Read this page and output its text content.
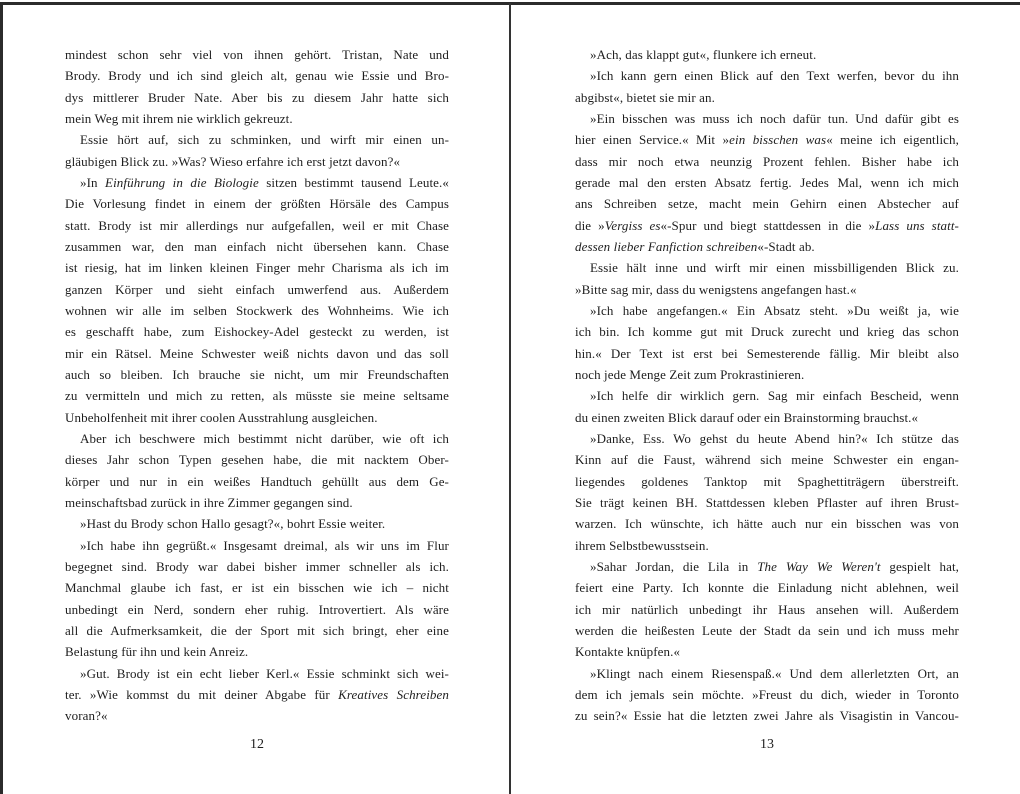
mindest schon sehr viel von ihnen gehört. Tristan, Nate und
Brody. Brody und ich sind gleich alt, genau wie Essie und Bro-
dys mittlerer Bruder Nate. Aber bis zu diesem Jahr hatte sich
mein Weg mit ihrem nie wirklich gekreuzt.
Essie hört auf, sich zu schminken, und wirft mir einen un-
gläubigen Blick zu. »Was? Wieso erfahre ich erst jetzt davon?«
»In Einführung in die Biologie sitzen bestimmt tausend Leute.«
Die Vorlesung findet in einem der größten Hörsäle des Campus
statt. Brody ist mir allerdings nur aufgefallen, weil er mit Chase
zusammen war, den man einfach nicht übersehen kann. Chase
ist riesig, hat im linken kleinen Finger mehr Charisma als ich im
ganzen Körper und sieht einfach umwerfend aus. Außerdem
wohnen wir alle im selben Stockwerk des Wohnheims. Wie ich
es geschafft habe, zum Eishockey-Adel gesteckt zu werden, ist
mir ein Rätsel. Meine Schwester weiß nichts davon und das soll
auch so bleiben. Ich brauche sie nicht, um mir Freundschaften
zu vermitteln und mich zu retten, als müsste sie meine seltsame
Unbeholfenheit mit ihrer coolen Ausstrahlung ausgleichen.
Aber ich beschwere mich bestimmt nicht darüber, wie oft ich
dieses Jahr schon Typen gesehen habe, die mit nacktem Ober-
körper und nur in ein weißes Handtuch gehüllt aus dem Ge-
meinschaftsbad zurück in ihre Zimmer gegangen sind.
»Hast du Brody schon Hallo gesagt?«, bohrt Essie weiter.
»Ich habe ihn gegrüßt.« Insgesamt dreimal, als wir uns im Flur
begegnet sind. Brody war dabei bisher immer schneller als ich.
Manchmal glaube ich fast, er ist ein bisschen wie ich – nicht
unbedingt ein Nerd, sondern eher ruhig. Introvertiert. Als wäre
all die Aufmerksamkeit, die der Sport mit sich bringt, eher eine
Belastung für ihn und kein Anreiz.
»Gut. Brody ist ein echt lieber Kerl.« Essie schminkt sich wei-
ter. »Wie kommst du mit deiner Abgabe für Kreatives Schreiben
voran?«
12
»Ach, das klappt gut«, flunkere ich erneut.
»Ich kann gern einen Blick auf den Text werfen, bevor du ihn
abgibst«, bietet sie mir an.
»Ein bisschen was muss ich noch dafür tun. Und dafür gibt es
hier einen Service.« Mit »ein bisschen was« meine ich eigentlich,
dass mir noch etwa neunzig Prozent fehlen. Bisher habe ich
gerade mal den ersten Absatz fertig. Jedes Mal, wenn ich mich
ans Schreiben setze, macht mein Gehirn einen Abstecher auf
die »Vergiss es«-Spur und biegt stattdessen in die »Lass uns statt-
dessen lieber Fanfiction schreiben«-Stadt ab.
Essie hält inne und wirft mir einen missbilligenden Blick zu.
»Bitte sag mir, dass du wenigstens angefangen hast.«
»Ich habe angefangen.« Ein Absatz steht. »Du weißt ja, wie
ich bin. Ich komme gut mit Druck zurecht und krieg das schon
hin.« Der Text ist erst bei Semesterende fällig. Mir bleibt also
noch jede Menge Zeit zum Prokrastinieren.
»Ich helfe dir wirklich gern. Sag mir einfach Bescheid, wenn
du einen zweiten Blick darauf oder ein Brainstorming brauchst.«
»Danke, Ess. Wo gehst du heute Abend hin?« Ich stütze das
Kinn auf die Faust, während sich meine Schwester ein engan-
liegendes goldenes Tanktop mit Spaghettiträgern überstreift.
Sie trägt keinen BH. Stattdessen kleben Pflaster auf ihren Brust-
warzen. Ich wünschte, ich hätte auch nur ein bisschen was von
ihrem Selbstbewusstsein.
»Sahar Jordan, die Lila in The Way We Weren't gespielt hat,
feiert eine Party. Ich konnte die Einladung nicht ablehnen, weil
ich mir natürlich unbedingt ihr Haus ansehen will. Außerdem
werden die heißesten Leute der Stadt da sein und ich muss mehr
Kontakte knüpfen.«
»Klingt nach einem Riesenspaß.« Und dem allerletzten Ort, an
dem ich jemals sein möchte. »Freust du dich, wieder in Toronto
zu sein?« Essie hat die letzten zwei Jahre als Visagistin in Vancou-
13
